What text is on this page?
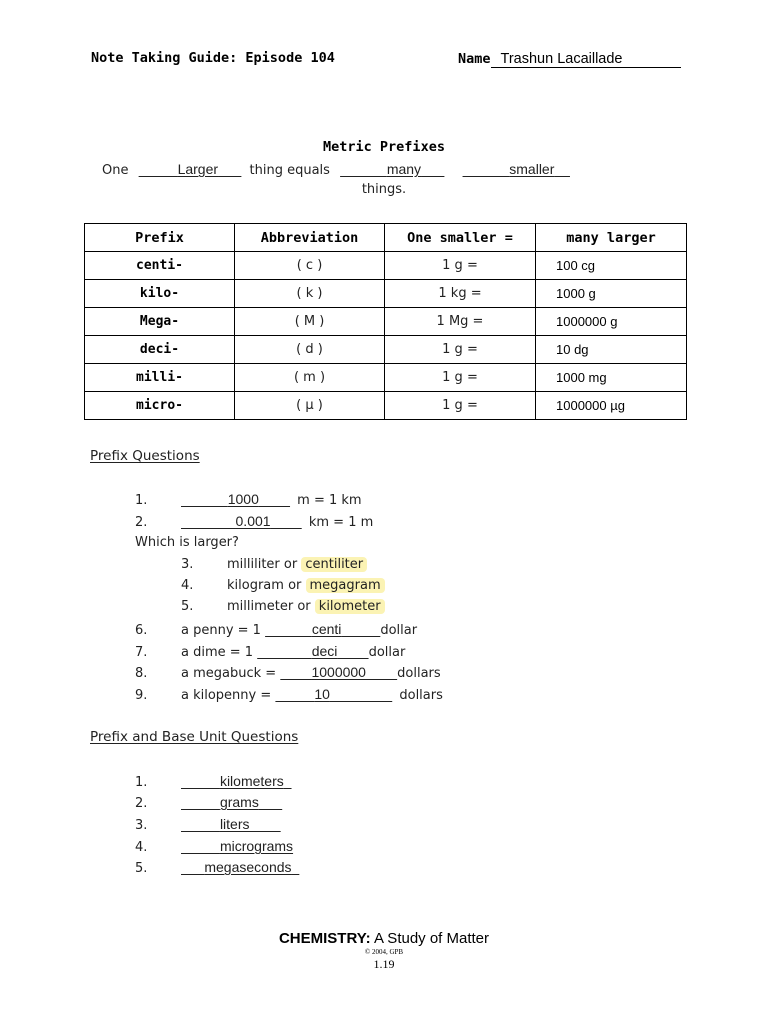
Note Taking Guide: Episode 104	Name Trashun Lacaillade
Metric Prefixes
One      	Larger    thing equals       	many          	smaller  
things.
Prefix	Abbreviation	One smaller =	many larger
centi-	( c )	1 g =	100 cg
kilo-	( k )	1 kg =	1000 g
Mega-	( M )	1 Mg =	1000000 g
deci-	( d )	1 g =	10 dg
milli-	( m )	1 g =	1000 mg
micro-	( µ )	1 g =	1000000 µg
Prefix Questions
1.      	1000    	m = 1 km
2.       	0.001    	km = 1 m
Which is larger?
3.	milliliter or centiliter
4.	kilogram or megagram
5.	millimeter or kilometer
6.	a penny = 1       	centi     	dollar
7.	a dime = 1        	deci     dollar
8.	a megabuck =     	1000000     dollars
9.	a kilopenny =      	10        	dollars
Prefix and Base Unit Questions
1.     	kilometers 
2.     	grams   
3.     	liters    
4.     	micrograms
5.   	megaseconds 
CHEMISTRY: A Study of Matter
© 2004, GPB
1.19
